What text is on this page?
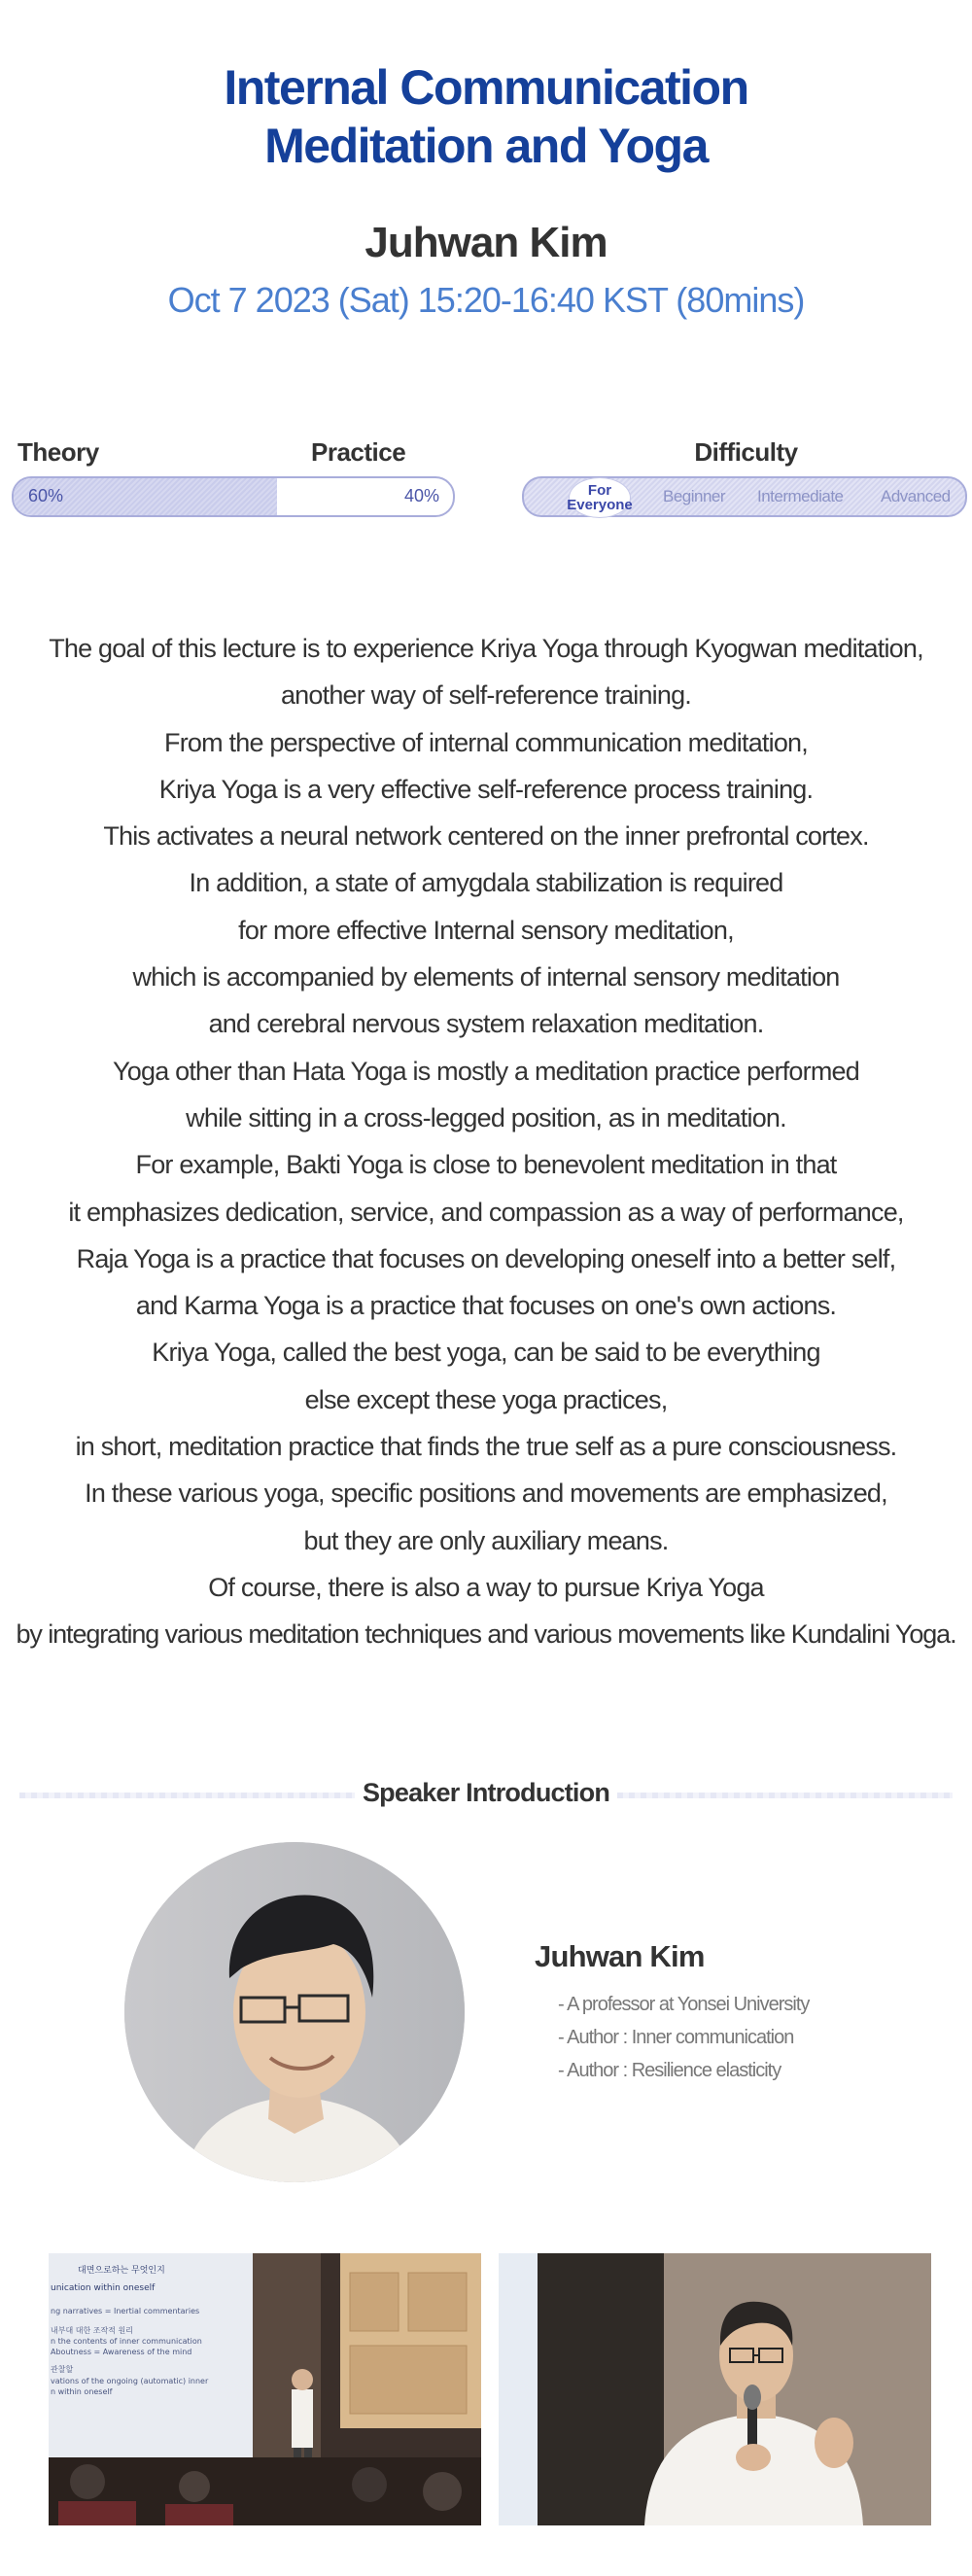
Internal Communication
Meditation and Yoga
Juhwan Kim
Oct 7 2023 (Sat) 15:20-16:40 KST (80mins)
Theory	Practice
60%	40%
Difficulty
For
Everyone Beginner Intermediate Advanced
The goal of this lecture is to experience Kriya Yoga through Kyogwan meditation,
another way of self-reference training.
From the perspective of internal communication meditation,
Kriya Yoga is a very effective self-reference process training.
This activates a neural network centered on the inner prefrontal cortex.
In addition, a state of amygdala stabilization is required
for more effective Internal sensory meditation,
which is accompanied by elements of internal sensory meditation
and cerebral nervous system relaxation meditation.
Yoga other than Hata Yoga is mostly a meditation practice performed
while sitting in a cross-legged position, as in meditation.
For example, Bakti Yoga is close to benevolent meditation in that
it emphasizes dedication, service, and compassion as a way of performance,
Raja Yoga is a practice that focuses on developing oneself into a better self,
and Karma Yoga is a practice that focuses on one's own actions.
Kriya Yoga, called the best yoga, can be said to be everything
else except these yoga practices,
in short, meditation practice that finds the true self as a pure consciousness.
In these various yoga, specific positions and movements are emphasized,
but they are only auxiliary means.
Of course, there is also a way to pursue Kriya Yoga
by integrating various meditation techniques and various movements like Kundalini Yoga.
Speaker Introduction
Juhwan Kim
- A professor at Yonsei University
- Author : Inner communication
- Author : Resilience elasticity
대면으로하는 무엇인지
unication within oneself
ng narratives = Inertial commentaries
내부대 대한 조작적 원리
n the contents of inner communication
Aboutness = Awareness of the mind
관찰할
vations of the ongoing (automatic) inner
n within oneself
